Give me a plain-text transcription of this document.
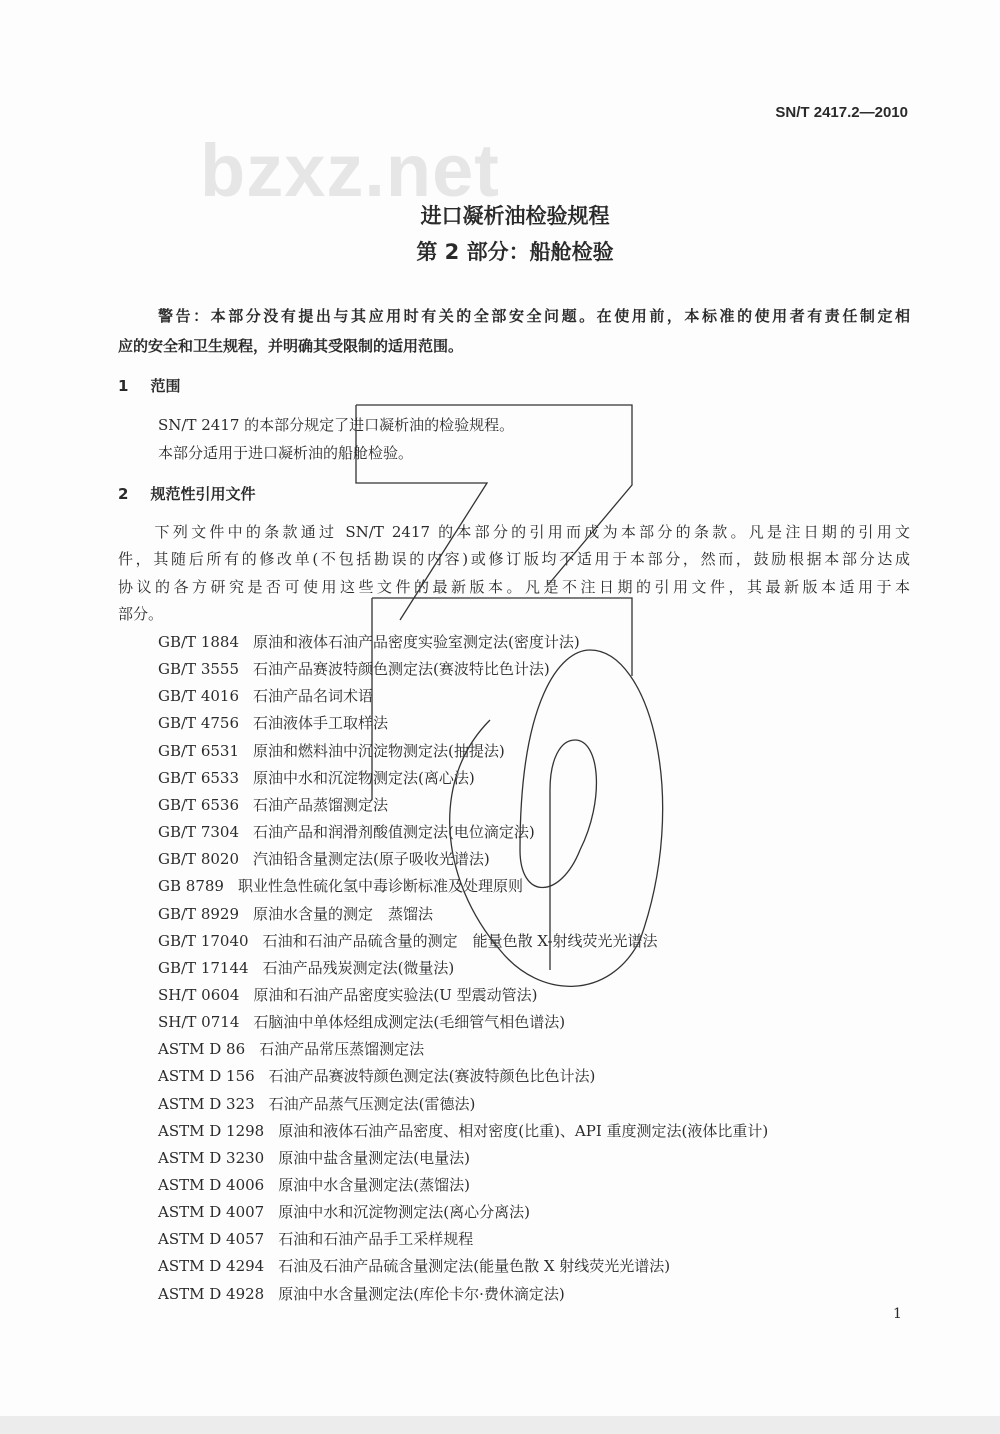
bzxz.net
SN/T 2417.2—2010
进口凝析油检验规程
第 2 部分：船舱检验
警告：本部分没有提出与其应用时有关的全部安全问题。在使用前，本标准的使用者有责任制定相
应的安全和卫生规程，并明确其受限制的适用范围。
1 范围
SN/T 2417 的本部分规定了进口凝析油的检验规程。
本部分适用于进口凝析油的船舱检验。
2 规范性引用文件
　　下列文件中的条款通过 SN/T 2417 的本部分的引用而成为本部分的条款。凡是注日期的引用文
件，其随后所有的修改单(不包括勘误的内容)或修订版均不适用于本部分，然而，鼓励根据本部分达成
协议的各方研究是否可使用这些文件的最新版本。凡是不注日期的引用文件，其最新版本适用于本
部分。
GB/T 1884 原油和液体石油产品密度实验室测定法(密度计法)
GB/T 3555 石油产品赛波特颜色测定法(赛波特比色计法)
GB/T 4016 石油产品名词术语
GB/T 4756 石油液体手工取样法
GB/T 6531 原油和燃料油中沉淀物测定法(抽提法)
GB/T 6533 原油中水和沉淀物测定法(离心法)
GB/T 6536 石油产品蒸馏测定法
GB/T 7304 石油产品和润滑剂酸值测定法(电位滴定法)
GB/T 8020 汽油铅含量测定法(原子吸收光谱法)
GB 8789 职业性急性硫化氢中毒诊断标准及处理原则
GB/T 8929 原油水含量的测定　蒸馏法
GB/T 17040 石油和石油产品硫含量的测定　能量色散 X-射线荧光光谱法
GB/T 17144 石油产品残炭测定法(微量法)
SH/T 0604 原油和石油产品密度实验法(U 型震动管法)
SH/T 0714 石脑油中单体烃组成测定法(毛细管气相色谱法)
ASTM D 86 石油产品常压蒸馏测定法
ASTM D 156 石油产品赛波特颜色测定法(赛波特颜色比色计法)
ASTM D 323 石油产品蒸气压测定法(雷德法)
ASTM D 1298 原油和液体石油产品密度、相对密度(比重)、API 重度测定法(液体比重计)
ASTM D 3230 原油中盐含量测定法(电量法)
ASTM D 4006 原油中水含量测定法(蒸馏法)
ASTM D 4007 原油中水和沉淀物测定法(离心分离法)
ASTM D 4057 石油和石油产品手工采样规程
ASTM D 4294 石油及石油产品硫含量测定法(能量色散 X 射线荧光光谱法)
ASTM D 4928 原油中水含量测定法(库伦卡尔·费休滴定法)
1
